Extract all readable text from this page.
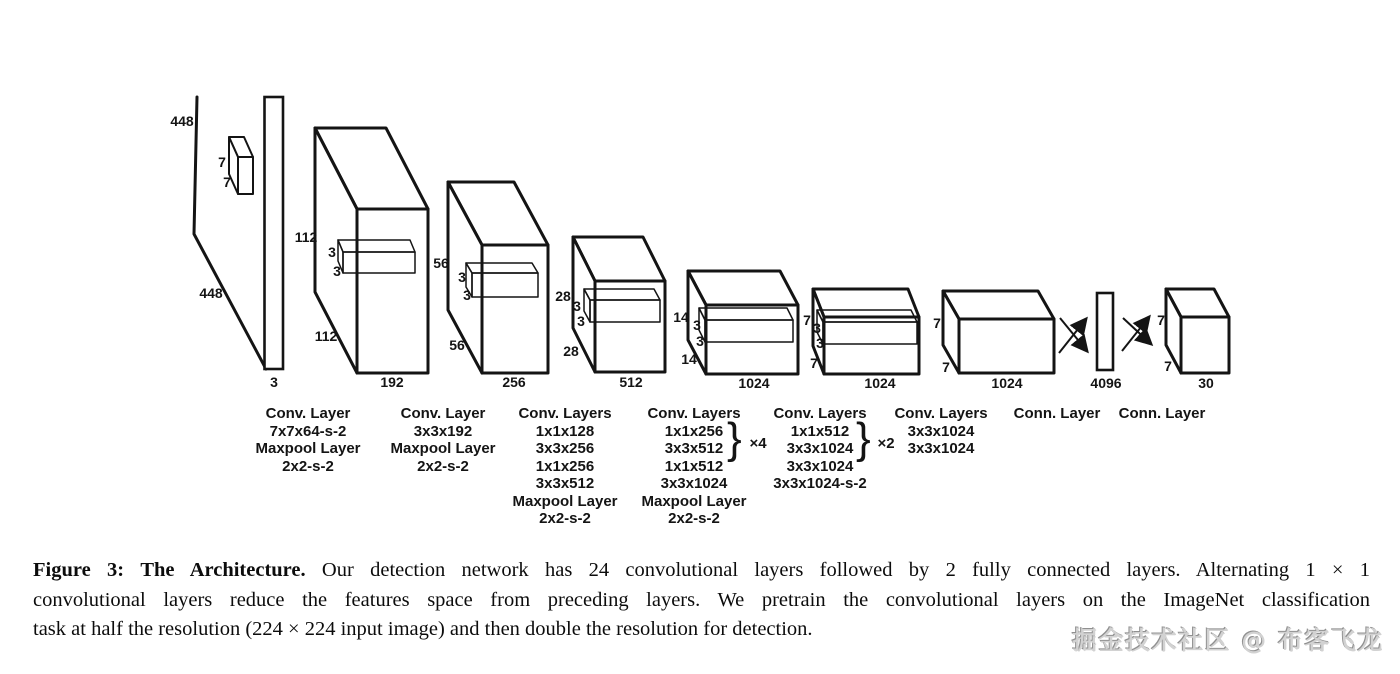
448
448
3
7
7
112
112
192
3
3	56
56
256
3
3	28
28
512
3
3	14
14
1024
3
3
7
7
1024
3
3
7
7
1024	4096
7
7
30
Conv. Layer
7x7x64-s-2
Maxpool Layer
2x2-s-2
Conv. Layer
3x3x192
Maxpool Layer
2x2-s-2
Conv. Layers
1x1x128
3x3x256
1x1x256
3x3x512
Maxpool Layer
2x2-s-2
Conv. Layers
1x1x256
3x3x512
1x1x512
3x3x1024
Maxpool Layer
2x2-s-2
} ×4
Conv. Layers
1x1x512
3x3x1024
3x3x1024
3x3x1024-s-2
} ×2
Conv. Layers
3x3x1024
3x3x1024
Conn. Layer Conn. Layer
Figure 3: The Architecture. Our detection network has 24 convolutional layers followed by 2 fully connected layers. Alternating 1 × 1
convolutional layers reduce the features space from preceding layers. We pretrain the convolutional layers on the ImageNet classification
task at half the resolution (224 × 224 input image) and then double the resolution for detection.	掘金技术社区 @ 布客飞龙
